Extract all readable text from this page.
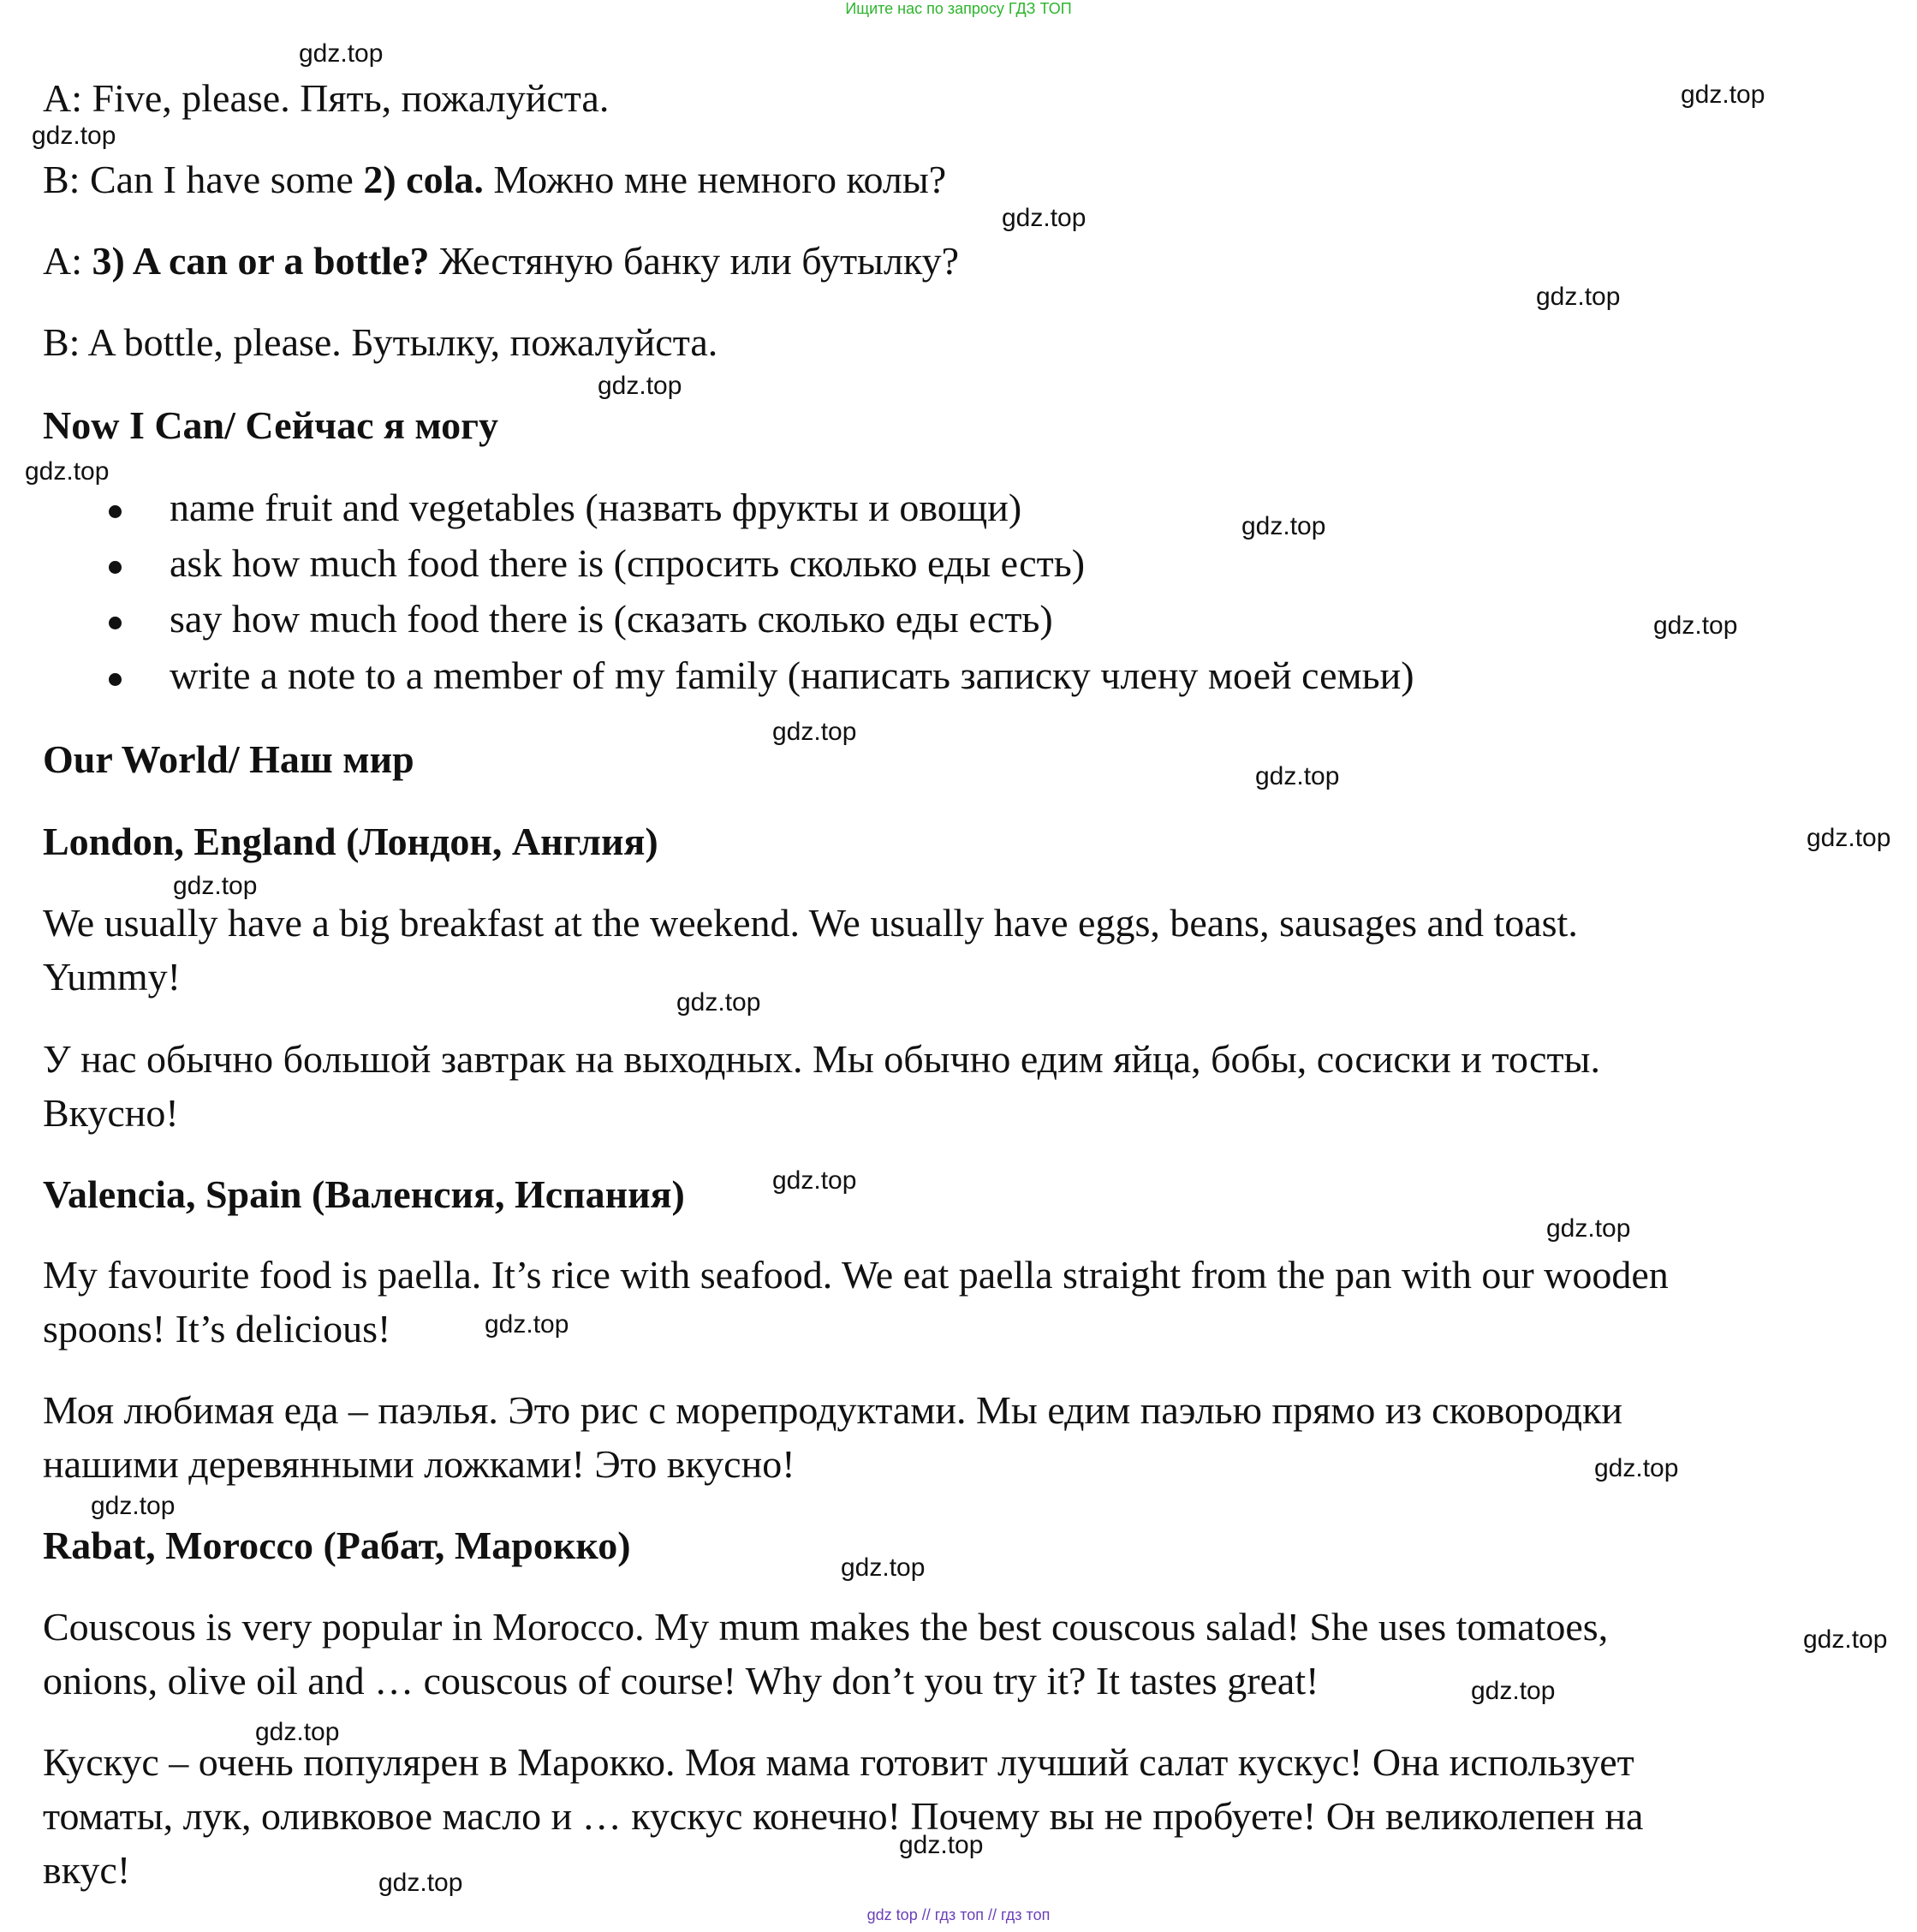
Ищите нас по запросу ГДЗ ТОП
A: Five, please. Пять, пожалуйста.
B: Can I have some 2) cola. Можно мне немного колы?
A: 3) A can or a bottle? Жестяную банку или бутылку?
B: A bottle, please. Бутылку, пожалуйста.
Now I Can/ Сейчас я могу
name fruit and vegetables (назвать фрукты и овощи)
ask how much food there is (спросить сколько еды есть)
say how much food there is (сказать сколько еды есть)
write a note to a member of my family (написать записку члену моей семьи)
Our World/ Наш мир
London, England (Лондон, Англия)
We usually have a big breakfast at the weekend. We usually have eggs, beans, sausages and toast.
Yummy!
У нас обычно большой завтрак на выходных. Мы обычно едим яйца, бобы, сосиски и тосты.
Вкусно!
Valencia, Spain (Валенсия, Испания)
My favourite food is paella. It’s rice with seafood. We eat paella straight from the pan with our wooden
spoons! It’s delicious!
Моя любимая еда – паэлья. Это рис с морепродуктами. Мы едим паэлью прямо из сковородки
нашими деревянными ложками! Это вкусно!
Rabat, Morocco (Рабат, Марокко)
Couscous is very popular in Morocco. My mum makes the best couscous salad! She uses tomatoes,
onions, olive oil and … couscous of course! Why don’t you try it? It tastes great!
Кускус – очень популярен в Марокко. Моя мама готовит лучший салат кускус! Она использует
томаты, лук, оливковое масло и … кускус конечно! Почему вы не пробуете! Он великолепен на
вкус!
gdz.top
gdz.top
gdz.top
gdz.top
gdz.top
gdz.top
gdz.top
gdz.top
gdz.top
gdz.top
gdz.top
gdz.top
gdz.top
gdz.top
gdz.top
gdz.top
gdz.top
gdz.top
gdz.top
gdz.top
gdz.top
gdz.top
gdz.top
gdz.top
gdz.top
gdz top // гдз топ // гдз топ
